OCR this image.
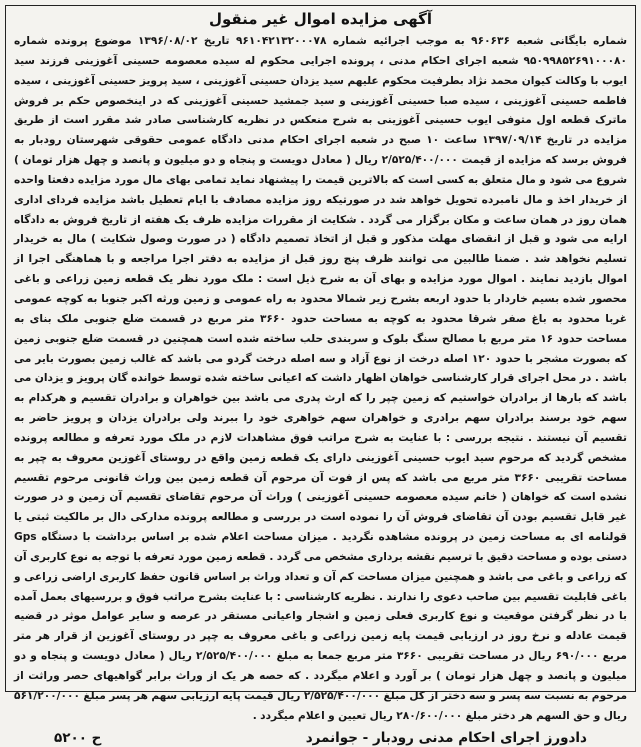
آگهی مزایده اموال غیر منقول

شماره بایگانی شعبه ۹۶۰۶۳۶ به موجب اجرائیه شماره ۹۶۱۰۴۲۱۳۲۰۰۰۷۸ تاریخ ۱۳۹۶/۰۸/۰۲ موضوع پرونده شماره ۹۵۰۹۹۸۵۲۶۹۱۰۰۰۸۰ شعبه اجرای احکام مدنی ، پرونده اجرایی محکوم له سیده معصومه حسینی آغوزینی فرزند سید ایوب با وکالت کیوان محمد نژاد بطرفیت محکوم علیهم سید یزدان حسینی آغوزینی ، سید پرویز حسینی آغوزینی ، سیده فاطمه حسینی آغوزینی ، سیده صبا حسینی آغوزینی و سید جمشید حسینی آغوزینی که در اینخصوص حکم بر فروش ماترک قطعه اول متوفی ایوب حسینی آغوزینی به شرح منعکس در نظریه کارشناسی صادر شد مقرر است از طریق مزایده در تاریخ ۱۳۹۷/۰۹/۱۴ ساعت ۱۰ صبح در شعبه اجرای احکام مدنی دادگاه عمومی حقوقی شهرستان رودبار به فروش برسد که مزایده از قیمت ۲/۵۲۵/۴۰۰/۰۰۰ ریال ( معادل دویست و پنجاه و دو میلیون و پانصد و چهل هزار تومان ) شروع می شود و مال متعلق به کسی است که بالاترین قیمت را پیشنهاد نماید تمامی بهای مال مورد مزایده دفعتا واحده از خریدار اخذ و مال نامبرده تحویل خواهد شد در صورتیکه روز مزایده مصادف با ایام تعطیل باشد مزایده فردای اداری همان روز در همان ساعت و مکان برگزار می گردد . شکایت از مقررات مزایده ظرف یک هفته از تاریخ فروش به دادگاه ارایه می شود و قبل از انقضای مهلت مذکور و قبل از اتخاذ تصمیم دادگاه ( در صورت وصول شکایت ) مال به خریدار تسلیم نخواهد شد . ضمنا طالبین می توانند ظرف پنج روز قبل از مزایده به دفتر اجرا مراجعه و با هماهنگی اجرا از اموال بازدید نمایند . اموال مورد مزایده و بهای آن به شرح ذیل است : ملک مورد نظر یک قطعه زمین زراعی و باغی محصور شده بسیم خاردار با حدود اربعه بشرح زیر شمالا محدود به راه عمومی و زمین ورثه اکبر جنوبا به کوچه عمومی غربا محدود به باغ صفر شرقا محدود به کوچه به مساحت حدود ۳۶۶۰ متر مربع در قسمت ضلع جنوبی ملک بنای به مساحت حدود ۱۶ متر مربع با مصالح سنگ بلوک و سربندی حلب ساخته شده است همچنین در قسمت ضلع جنوبی زمین که بصورت مشجر با حدود ۱۲۰ اصله درخت از نوع آزاد و سه اصله درخت گردو می باشد که غالب زمین بصورت بایر می باشد . در محل اجرای قرار کارشناسی خواهان اظهار داشت که اعیانی ساخته شده توسط خوانده گان پرویز و یزدان می باشد که بارها از برادران خواستیم که زمین چپر را که ارث پدری می باشد بین خواهران و برادران تقسیم و هرکدام به سهم خود برسند برادران سهم برادری و خواهران سهم خواهری خود را ببرند ولی برادران یزدان و پرویز حاضر به تقسیم آن نیستند . نتیجه بررسی : با عنایت به شرح مراتب فوق مشاهدات لازم در ملک مورد تعرفه و مطالعه پرونده مشخص گردید که مرحوم سید ایوب حسینی آغوزینی دارای یک قطعه زمین واقع در روستای آغوزین معروف به چپر به مساحت تقریبی ۳۶۶۰ متر مربع می باشد که پس از فوت آن مرحوم آن قطعه زمین بین وراث قانونی مرحوم تقسیم نشده است که خواهان ( خانم سیده معصومه حسینی آغوزینی ) وراث آن مرحوم تقاضای تقسیم آن زمین و در صورت غیر قابل تقسیم بودن آن تقاضای فروش آن را نموده است در بررسی و مطالعه پرونده مدارکی دال بر مالکیت ثبتی یا قولنامه ای به مساحت زمین در پرونده مشاهده نگردید . میزان مساحت اعلام شده بر اساس برداشت با دستگاه Gps دستی بوده و مساحت دقیق با ترسیم نقشه برداری مشخص می گردد . قطعه زمین مورد تعرفه با توجه به نوع کاربری آن که زراعی و باغی می باشد و همچنین میزان مساحت کم آن و تعداد وراث بر اساس قانون حفظ کاربری اراضی زراعی و باغی قابلیت تقسیم بین صاحب دعوی را ندارند . نظریه کارشناسی : با عنایت بشرح مراتب فوق و بررسیهای بعمل آمده با در نظر گرفتن موقعیت و نوع کاربری فعلی زمین و اشجار واعیانی مستقر در عرصه و سایر عوامل موثر در قضیه قیمت عادله و نرخ روز در ارزیابی قیمت پایه زمین زراعی و باغی معروف به چپر در روستای آغوزین از قرار هر متر مربع ۶۹۰/۰۰۰ ریال در مساحت تقریبی ۳۶۶۰ متر مربع جمعا به مبلغ ۲/۵۲۵/۴۰۰/۰۰۰ ریال ( معادل دویست و پنجاه و دو میلیون و پانصد و چهل هزار تومان ) بر آورد و اعلام میگردد . که حصه هر یک از وراث برابر گواهیهای حصر وراثت از مرحوم به نسبت سه پسر و سه دختر از کل مبلغ ۲/۵۲۵/۴۰۰/۰۰۰ ریال قیمت پایه ارزیابی سهم هر پسر مبلغ ۵۶۱/۲۰۰/۰۰۰ ریال و حق السهم هر دختر مبلغ ۲۸۰/۶۰۰/۰۰۰ ریال تعیین و اعلام میگردد .

دادورز اجرای احکام مدنی رودبار - جوانمرد
ح ۵۲۰۰
